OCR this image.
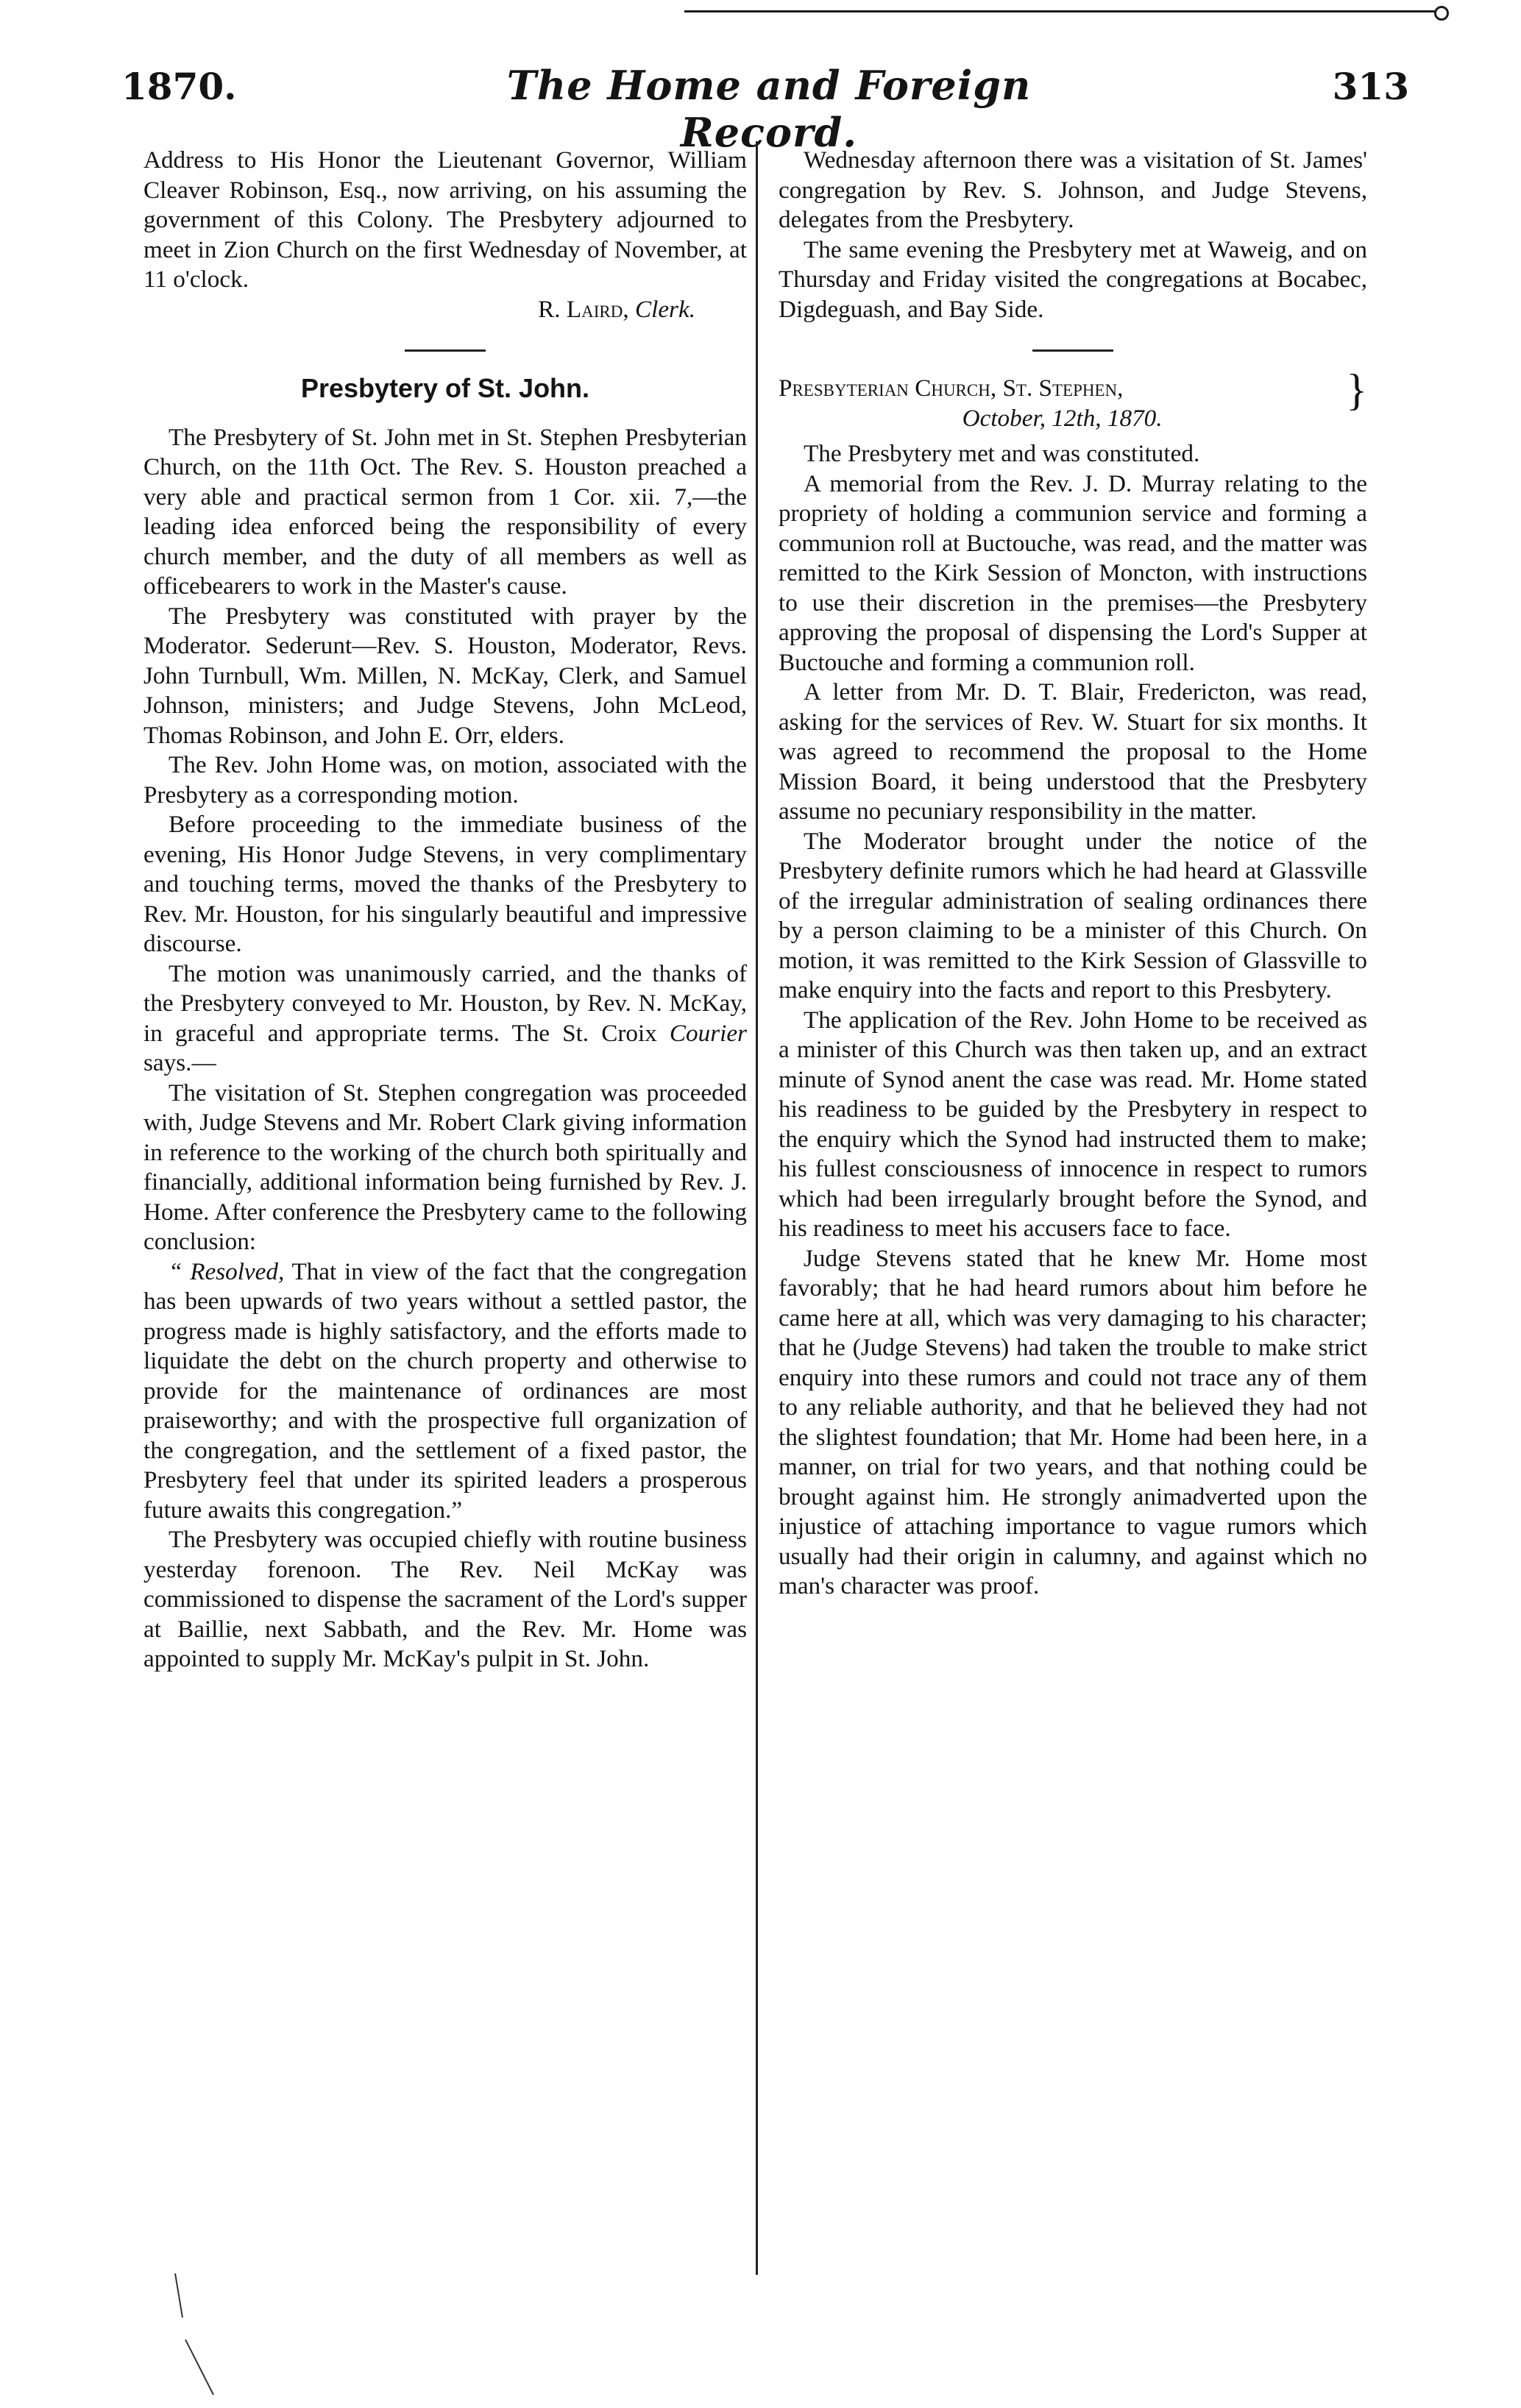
1870.	The Home and Foreign Record.
313

Address to His Honor the Lieutenant Governor, William Cleaver Robinson, Esq., now arriving, on his assuming the government of this Colony. The Presbytery adjourned to meet in Zion Church on the first Wednesday of November, at 11 o'clock.

R. Laird, Clerk.

Presbytery of St. John.

The Presbytery of St. John met in St. Stephen Presbyterian Church, on the 11th Oct. The Rev. S. Houston preached a very able and practical sermon from 1 Cor. xii. 7,—the leading idea enforced being the responsibility of every church member, and the duty of all members as well as officebearers to work in the Master's cause.

The Presbytery was constituted with prayer by the Moderator. Sederunt—Rev. S. Houston, Moderator, Revs. John Turnbull, Wm. Millen, N. McKay, Clerk, and Samuel Johnson, ministers; and Judge Stevens, John McLeod, Thomas Robinson, and John E. Orr, elders.

The Rev. John Home was, on motion, associated with the Presbytery as a corresponding motion.

Before proceeding to the immediate business of the evening, His Honor Judge Stevens, in very complimentary and touching terms, moved the thanks of the Presbytery to Rev. Mr. Houston, for his singularly beautiful and impressive discourse.

The motion was unanimously carried, and the thanks of the Presbytery conveyed to Mr. Houston, by Rev. N. McKay, in graceful and appropriate terms. The St. Croix Courier says.—

The visitation of St. Stephen congregation was proceeded with, Judge Stevens and Mr. Robert Clark giving information in reference to the working of the church both spiritually and financially, additional information being furnished by Rev. J. Home. After conference the Presbytery came to the following conclusion:

“ Resolved, That in view of the fact that the congregation has been upwards of two years without a settled pastor, the progress made is highly satisfactory, and the efforts made to liquidate the debt on the church property and otherwise to provide for the maintenance of ordinances are most praiseworthy; and with the prospective full organization of the congregation, and the settlement of a fixed pastor, the Presbytery feel that under its spirited leaders a prosperous future awaits this congregation.”

The Presbytery was occupied chiefly with routine business yesterday forenoon. The Rev. Neil McKay was commissioned to dispense the sacrament of the Lord's supper at Baillie, next Sabbath, and the Rev. Mr. Home was appointed to supply Mr. McKay's pulpit in St. John.

Wednesday afternoon there was a visitation of St. James' congregation by Rev. S. Johnson, and Judge Stevens, delegates from the Presbytery.

The same evening the Presbytery met at Waweig, and on Thursday and Friday visited the congregations at Bocabec, Digdeguash, and Bay Side.

}
Presbyterian Church, St. Stephen,
October, 12th, 1870.

The Presbytery met and was constituted.

A memorial from the Rev. J. D. Murray relating to the propriety of holding a communion service and forming a communion roll at Buctouche, was read, and the matter was remitted to the Kirk Session of Moncton, with instructions to use their discretion in the premises—the Presbytery approving the proposal of dispensing the Lord's Supper at Buctouche and forming a communion roll.

A letter from Mr. D. T. Blair, Fredericton, was read, asking for the services of Rev. W. Stuart for six months. It was agreed to recommend the proposal to the Home Mission Board, it being understood that the Presbytery assume no pecuniary responsibility in the matter.

The Moderator brought under the notice of the Presbytery definite rumors which he had heard at Glassville of the irregular administration of sealing ordinances there by a person claiming to be a minister of this Church. On motion, it was remitted to the Kirk Session of Glassville to make enquiry into the facts and report to this Presbytery.

The application of the Rev. John Home to be received as a minister of this Church was then taken up, and an extract minute of Synod anent the case was read. Mr. Home stated his readiness to be guided by the Presbytery in respect to the enquiry which the Synod had instructed them to make; his fullest consciousness of innocence in respect to rumors which had been irregularly brought before the Synod, and his readiness to meet his accusers face to face.

Judge Stevens stated that he knew Mr. Home most favorably; that he had heard rumors about him before he came here at all, which was very damaging to his character; that he (Judge Stevens) had taken the trouble to make strict enquiry into these rumors and could not trace any of them to any reliable authority, and that he believed they had not the slightest foundation; that Mr. Home had been here, in a manner, on trial for two years, and that nothing could be brought against him. He strongly animadverted upon the injustice of attaching importance to vague rumors which usually had their origin in calumny, and against which no man's character was proof.
